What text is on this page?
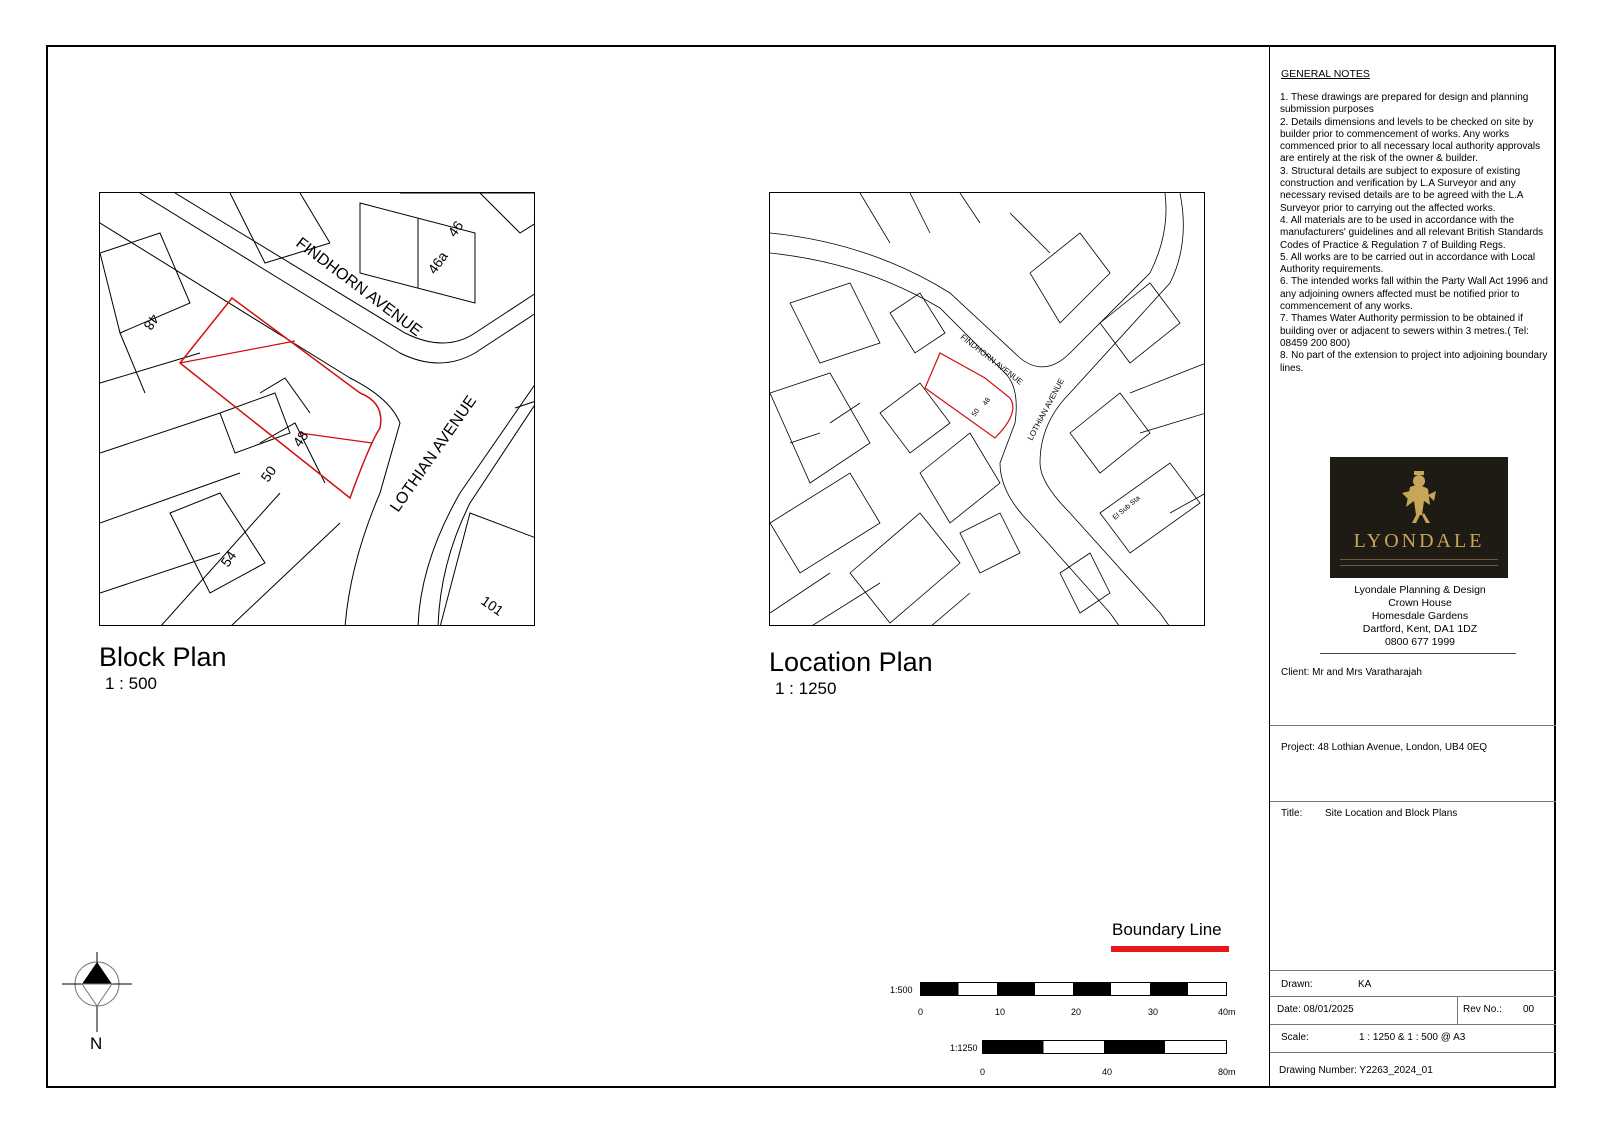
GENERAL NOTES
1. These drawings are prepared for design and planning submission purposes
2. Details dimensions and levels to be checked on site by builder prior to commencement of works. Any works commenced prior to all necessary local authority approvals are entirely at the risk of the owner & builder.
3. Structural details are subject to exposure of existing construction and verification by L.A Surveyor and any necessary revised details are to be agreed with the L.A Surveyor prior to carrying out the affected works.
4. All materials are to be used in accordance with the manufacturers' guidelines and all relevant British Standards Codes of Practice & Regulation 7 of Building Regs.
5. All works are to be carried out in accordance with Local Authority requirements.
6. The intended works fall within the Party Wall Act 1996 and any adjoining owners affected must be notified prior to commencement of any works.
7. Thames Water Authority permission to be obtained if building over or adjacent to sewers within 3 metres.( Tel: 08459 200 800)
8. No part of the extension to project into adjoining boundary lines.
LYONDALE
Lyondale Planning & Design
Crown House
Homesdale Gardens
Dartford, Kent, DA1 1DZ
0800 677 1999
Client: Mr and Mrs Varatharajah
Project: 48 Lothian Avenue, London, UB4 0EQ
Title: Site Location and Block Plans
Drawn:	KA
Date: 08/01/2025	Rev No.: 00
Scale:	1 : 1250 & 1 : 500 @ A3
Drawing Number: Y2263_2024_01
FINDHORN AVENUE
LOTHIAN AVENUE
48
46a
46
48
50
54
101
Block Plan
1 : 500
FINDHORN AVENUE
LOTHIAN AVENUE
48
50
El Sub Sta
Location Plan
1 : 1250
Boundary Line
1:500
0	10	20	30	40m
1:1250
0	40	80m
N
